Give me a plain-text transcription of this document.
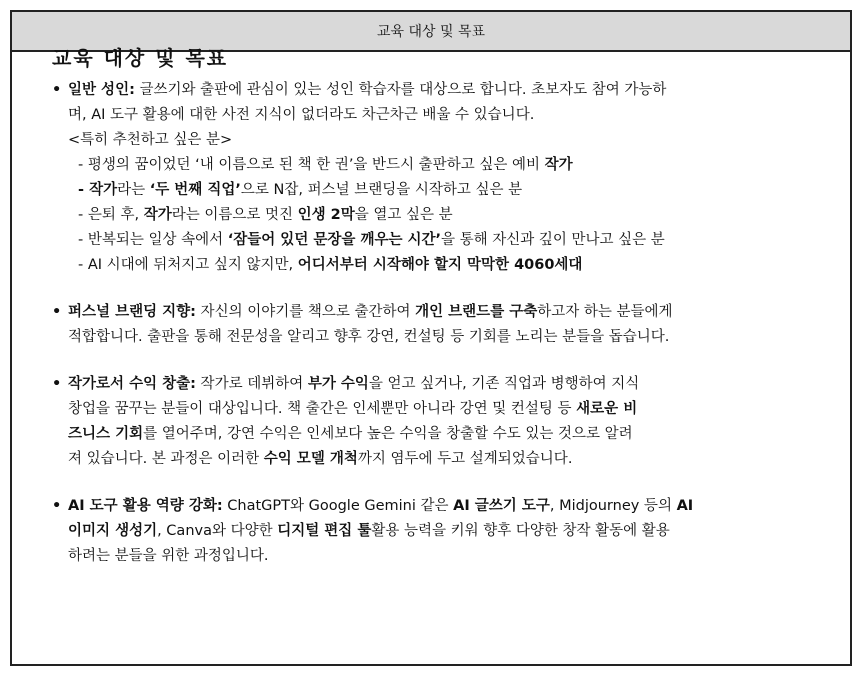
교육 대상 및 목표
교육 대상 및 목표
• 일반 성인: 글쓰기와 출판에 관심이 있는 성인 학습자를 대상으로 합니다. 초보자도 참여 가능하
며, AI 도구 활용에 대한 사전 지식이 없더라도 차근차근 배울 수 있습니다.
<특히 추천하고 싶은 분>
- 평생의 꿈이었던 ‘내 이름으로 된 책 한 권’을 반드시 출판하고 싶은 예비 작가
- 작가라는 ‘두 번째 직업’으로 N잡, 퍼스널 브랜딩을 시작하고 싶은 분
- 은퇴 후, 작가라는 이름으로 멋진 인생 2막을 열고 싶은 분
- 반복되는 일상 속에서 ‘잠들어 있던 문장을 깨우는 시간’을 통해 자신과 깊이 만나고 싶은 분
- AI 시대에 뒤처지고 싶지 않지만, 어디서부터 시작해야 할지 막막한 4060세대
• 퍼스널 브랜딩 지향: 자신의 이야기를 책으로 출간하여 개인 브랜드를 구축하고자 하는 분들에게
적합합니다. 출판을 통해 전문성을 알리고 향후 강연, 컨설팅 등 기회를 노리는 분들을 돕습니다.
• 작가로서 수익 창출: 작가로 데뷔하여 부가 수익을 얻고 싶거나, 기존 직업과 병행하여 지식
창업을 꿈꾸는 분들이 대상입니다. 책 출간은 인세뿐만 아니라 강연 및 컨설팅 등 새로운 비
즈니스 기회를 열어주며, 강연 수익은 인세보다 높은 수익을 창출할 수도 있는 것으로 알려
져 있습니다. 본 과정은 이러한 수익 모델 개척까지 염두에 두고 설계되었습니다.
• AI 도구 활용 역량 강화: ChatGPT와 Google Gemini 같은 AI 글쓰기 도구, Midjourney 등의 AI
이미지 생성기, Canva와 다양한 디지털 편집 툴활용 능력을 키워 향후 다양한 창작 활동에 활용
하려는 분들을 위한 과정입니다.
